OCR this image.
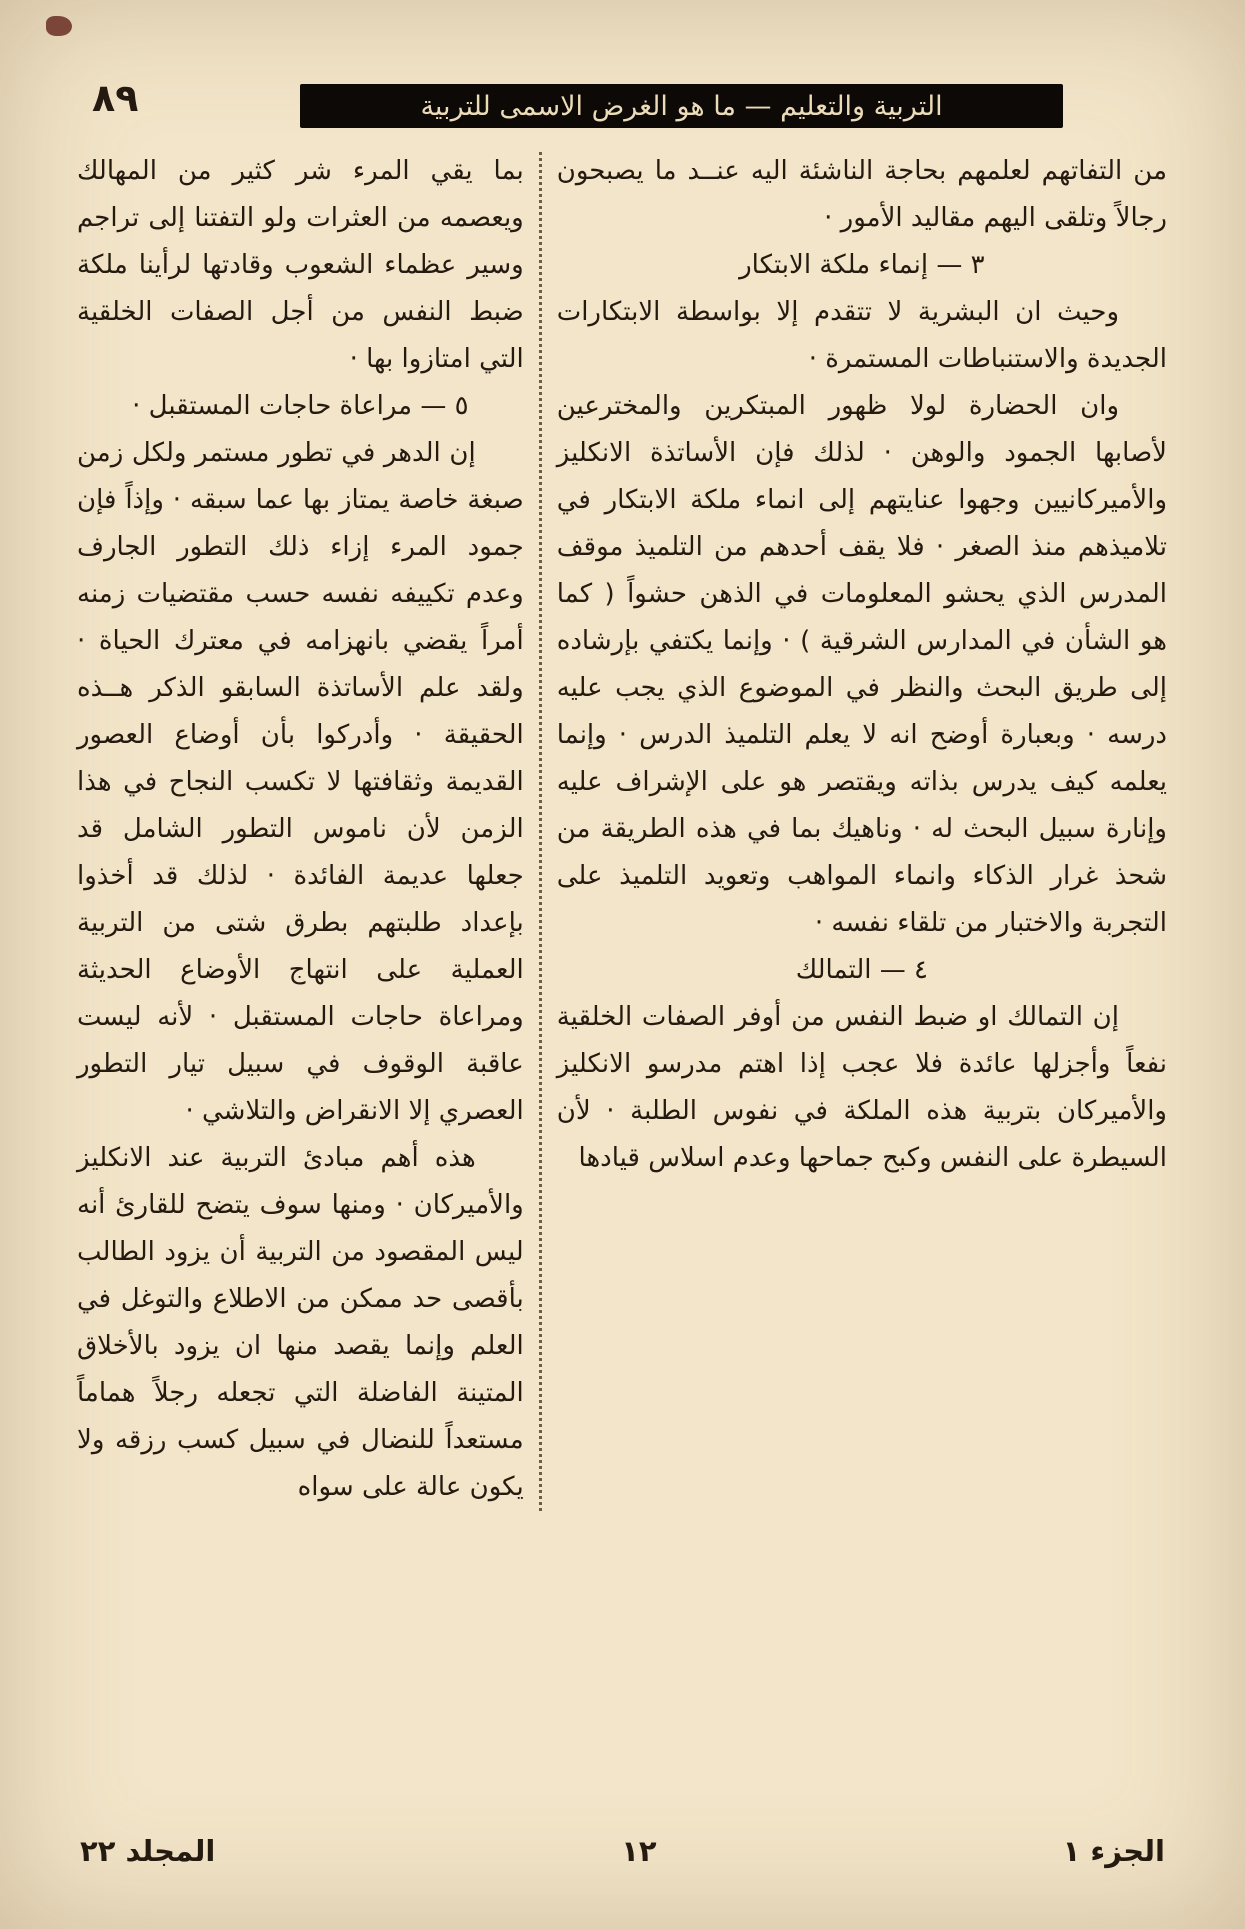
٨٩	التربية والتعليم — ما هو الغرض الاسمى للتربية

من التفاتهم لعلمهم بحاجة الناشئة اليه عنــد ما يصبحون رجالاً وتلقى اليهم مقاليد الأمور ·

٣ — إنماء ملكة الابتكار

وحيث ان البشرية لا تتقدم إلا بواسطة الابتكارات الجديدة والاستنباطات المستمرة ·

وان الحضارة لولا ظهور المبتكرين والمخترعين لأصابها الجمود والوهن · لذلك فإن الأساتذة الانكليز والأميركانيين وجهوا عنايتهم إلى انماء ملكة الابتكار في تلاميذهم منذ الصغر · فلا يقف أحدهم من التلميذ موقف المدرس الذي يحشو المعلومات في الذهن حشواً ( كما هو الشأن في المدارس الشرقية ) · وإنما يكتفي بإرشاده إلى طريق البحث والنظر في الموضوع الذي يجب عليه درسه · وبعبارة أوضح انه لا يعلم التلميذ الدرس · وإنما يعلمه كيف يدرس بذاته ويقتصر هو على الإشراف عليه وإنارة سبيل البحث له · وناهيك بما في هذه الطريقة من شحذ غرار الذكاء وانماء المواهب وتعويد التلميذ على التجربة والاختبار من تلقاء نفسه ·

٤ — التمالك

إن التمالك او ضبط النفس من أوفر الصفات الخلقية نفعاً وأجزلها عائدة فلا عجب إذا اهتم مدرسو الانكليز والأميركان بتربية هذه الملكة في نفوس الطلبة · لأن السيطرة على النفس وكبح جماحها وعدم اسلاس قيادها

بما يقي المرء شر كثير من المهالك ويعصمه من العثرات ولو التفتنا إلى تراجم وسير عظماء الشعوب وقادتها لرأينا ملكة ضبط النفس من أجل الصفات الخلقية التي امتازوا بها ·

٥ — مراعاة حاجات المستقبل ·

إن الدهر في تطور مستمر ولكل زمن صبغة خاصة يمتاز بها عما سبقه · وإذاً فإن جمود المرء إزاء ذلك التطور الجارف وعدم تكييفه نفسه حسب مقتضيات زمنه أمراً يقضي بانهزامه في معترك الحياة · ولقد علم الأساتذة السابقو الذكر هــذه الحقيقة · وأدركوا بأن أوضاع العصور القديمة وثقافتها لا تكسب النجاح في هذا الزمن لأن ناموس التطور الشامل قد جعلها عديمة الفائدة · لذلك قد أخذوا بإعداد طلبتهم بطرق شتى من التربية العملية على انتهاج الأوضاع الحديثة ومراعاة حاجات المستقبل · لأنه ليست عاقبة الوقوف في سبيل تيار التطور العصري إلا الانقراض والتلاشي ·

هذه أهم مبادئ التربية عند الانكليز والأميركان · ومنها سوف يتضح للقارئ أنه ليس المقصود من التربية أن يزود الطالب بأقصى حد ممكن من الاطلاع والتوغل في العلم وإنما يقصد منها ان يزود بالأخلاق المتينة الفاضلة التي تجعله رجلاً هماماً مستعداً للنضال في سبيل كسب رزقه ولا يكون عالة على سواه

الجزء ١
١٢
المجلد ٢٢
